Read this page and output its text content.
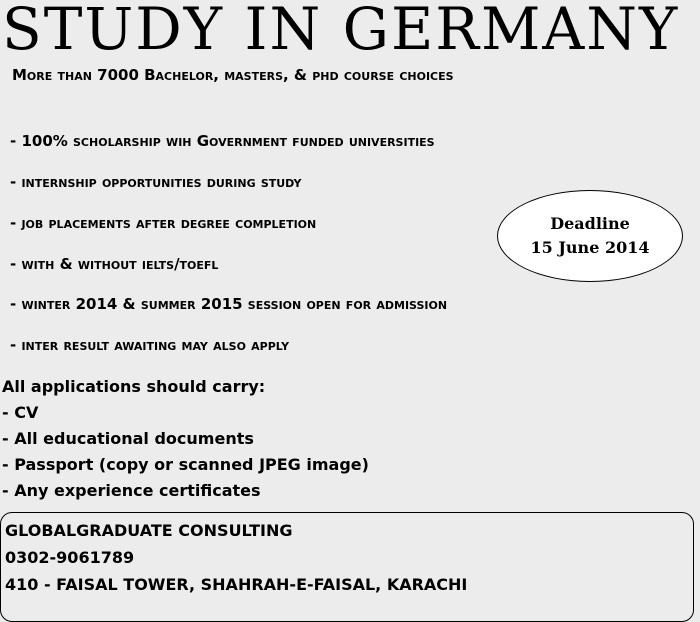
STUDY IN GERMANY
More than 7000 Bachelor, masters, & phd course choices
- 100% scholarship wih Government funded universities
- internship opportunities during study
- job placements after degree completion
- with & without ielts/toefl
- winter 2014 & summer 2015 session open for admission
- inter result awaiting may also apply
Deadline
15 June 2014
All applications should carry:
- CV
- All educational documents
- Passport (copy or scanned JPEG image)
- Any experience certificates
GLOBALGRADUATE CONSULTING
0302-9061789
410 - FAISAL TOWER, SHAHRAH-E-FAISAL, KARACHI
